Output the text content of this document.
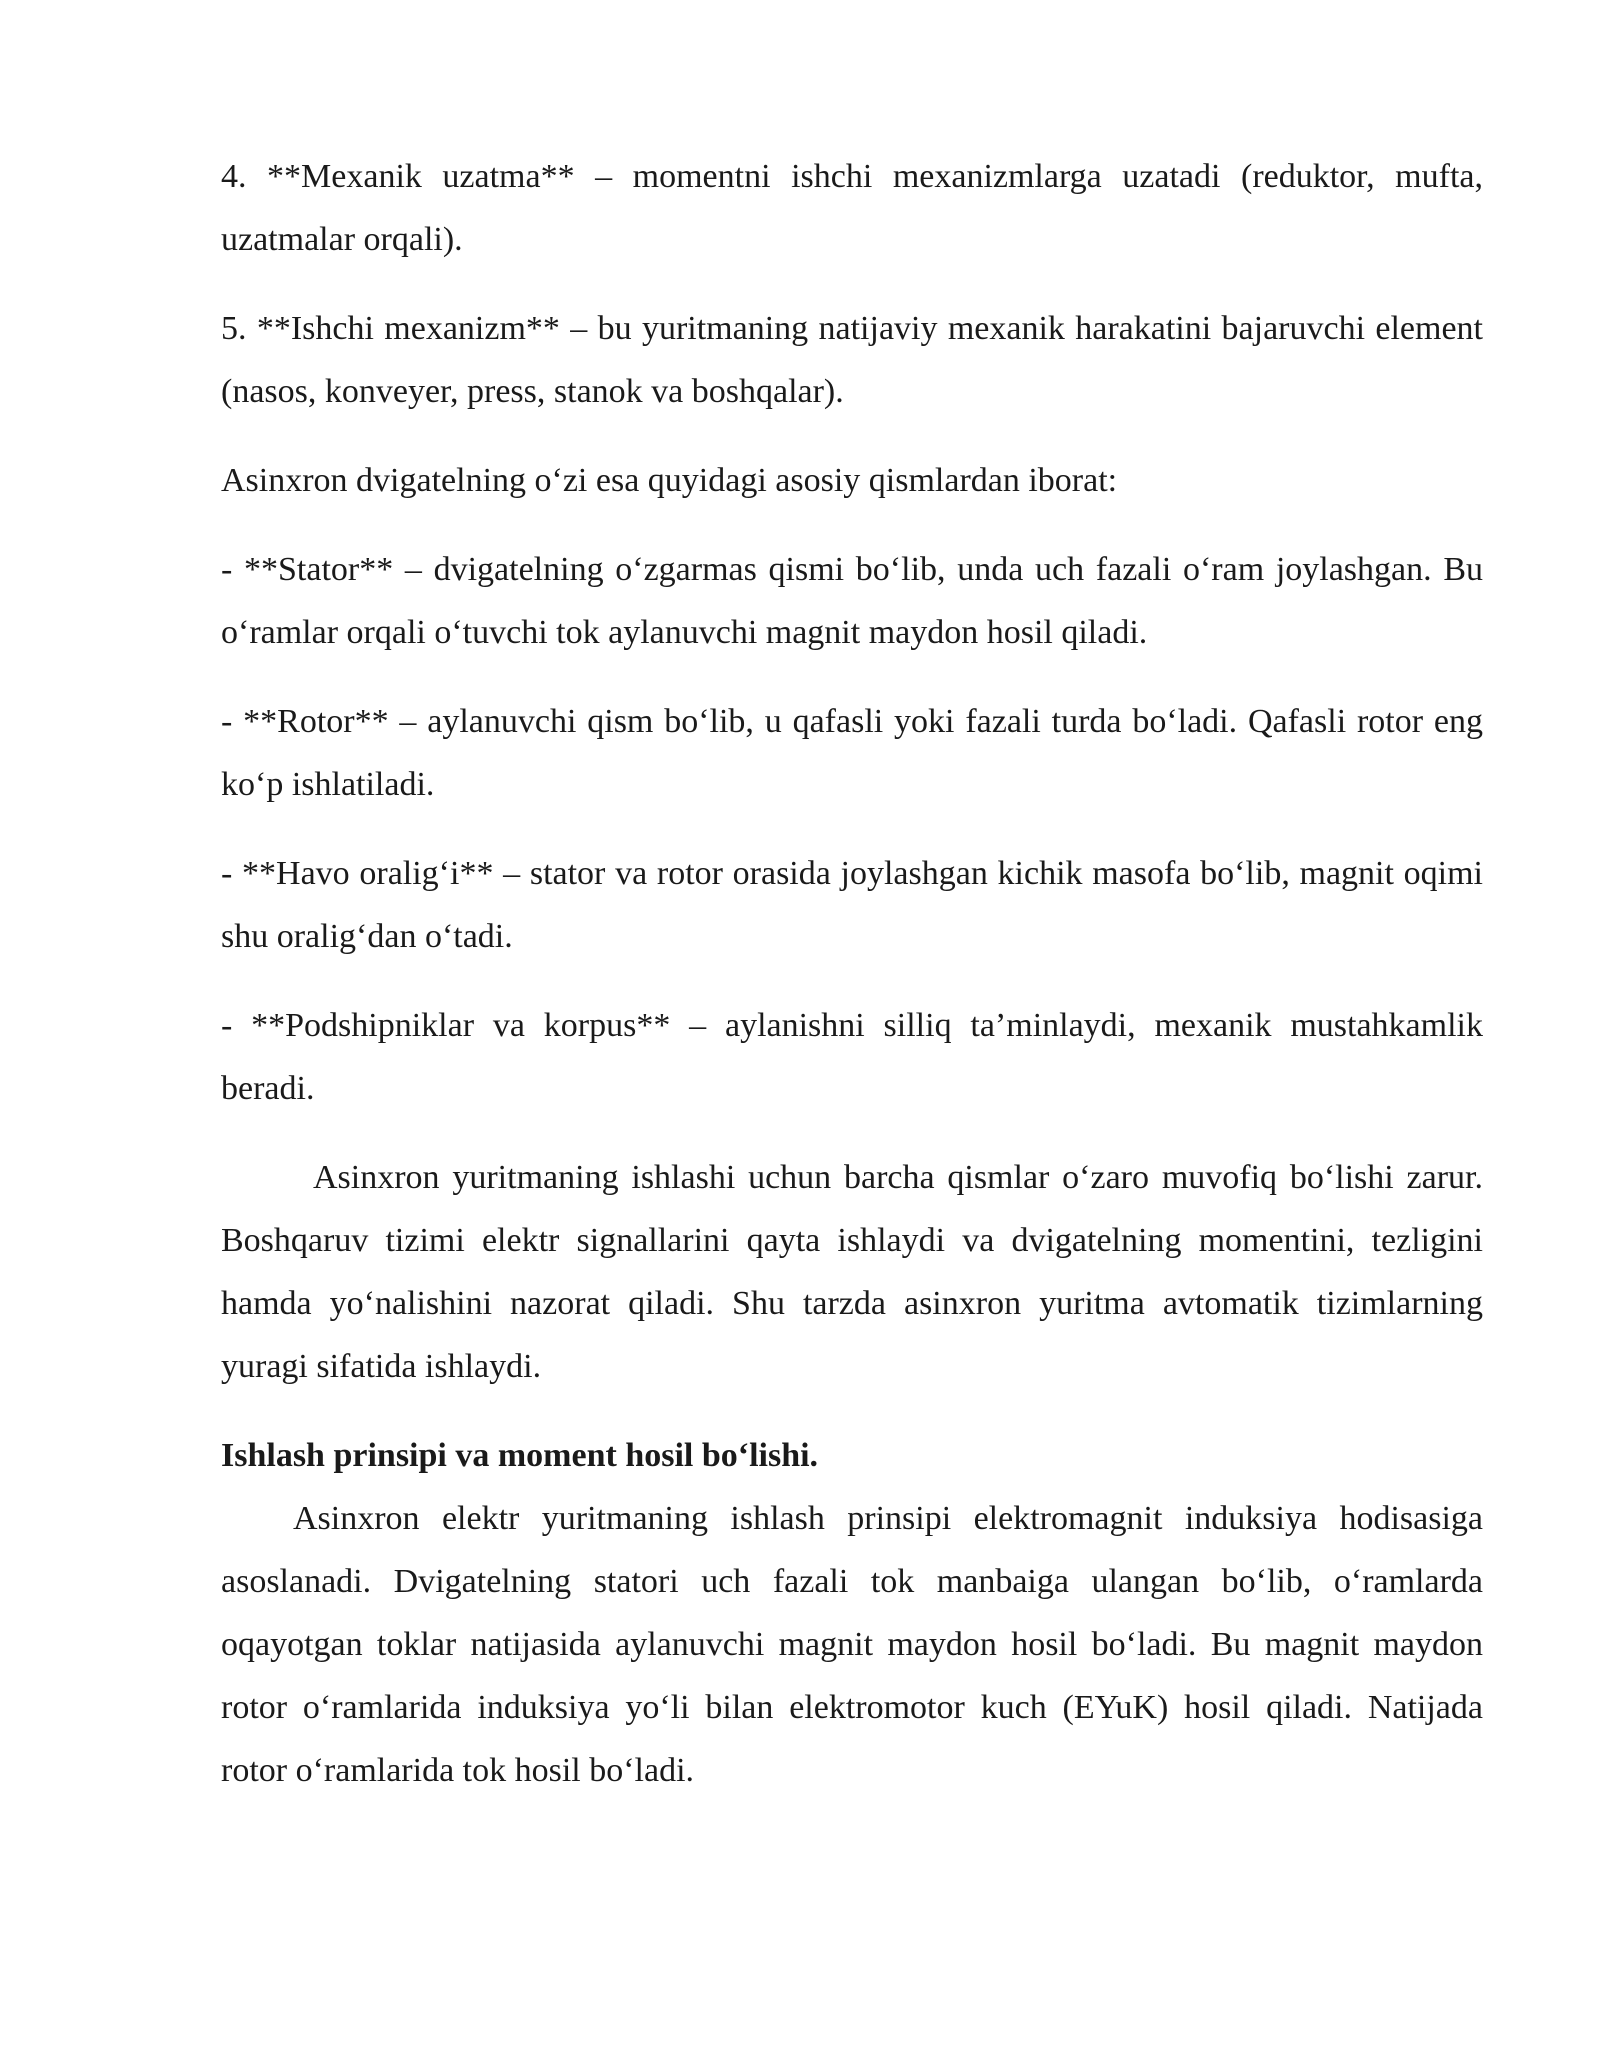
4. **Mexanik uzatma** – momentni ishchi mexanizmlarga uzatadi (reduktor, mufta, uzatmalar orqali).

5. **Ishchi mexanizm** – bu yuritmaning natijaviy mexanik harakatini bajaruvchi element (nasos, konveyer, press, stanok va boshqalar).

Asinxron dvigatelning o‘zi esa quyidagi asosiy qismlardan iborat:

- **Stator** – dvigatelning o‘zgarmas qismi bo‘lib, unda uch fazali o‘ram joylashgan. Bu o‘ramlar orqali o‘tuvchi tok aylanuvchi magnit maydon hosil qiladi.

- **Rotor** – aylanuvchi qism bo‘lib, u qafasli yoki fazali turda bo‘ladi. Qafasli rotor eng ko‘p ishlatiladi.

- **Havo oralig‘i** – stator va rotor orasida joylashgan kichik masofa bo‘lib, magnit oqimi shu oralig‘dan o‘tadi.

- **Podshipniklar va korpus** – aylanishni silliq ta’minlaydi, mexanik mustahkamlik beradi.

Asinxron yuritmaning ishlashi uchun barcha qismlar o‘zaro muvofiq bo‘lishi zarur. Boshqaruv tizimi elektr signallarini qayta ishlaydi va dvigatelning momentini, tezligini hamda yo‘nalishini nazorat qiladi. Shu tarzda asinxron yuritma avtomatik tizimlarning yuragi sifatida ishlaydi.

Ishlash prinsipi va moment hosil bo‘lishi.

Asinxron elektr yuritmaning ishlash prinsipi elektromagnit induksiya hodisasiga asoslanadi. Dvigatelning statori uch fazali tok manbaiga ulangan bo‘lib, o‘ramlarda oqayotgan toklar natijasida aylanuvchi magnit maydon hosil bo‘ladi. Bu magnit maydon rotor o‘ramlarida induksiya yo‘li bilan elektromotor kuch (EYuK) hosil qiladi. Natijada rotor o‘ramlarida tok hosil bo‘ladi.
